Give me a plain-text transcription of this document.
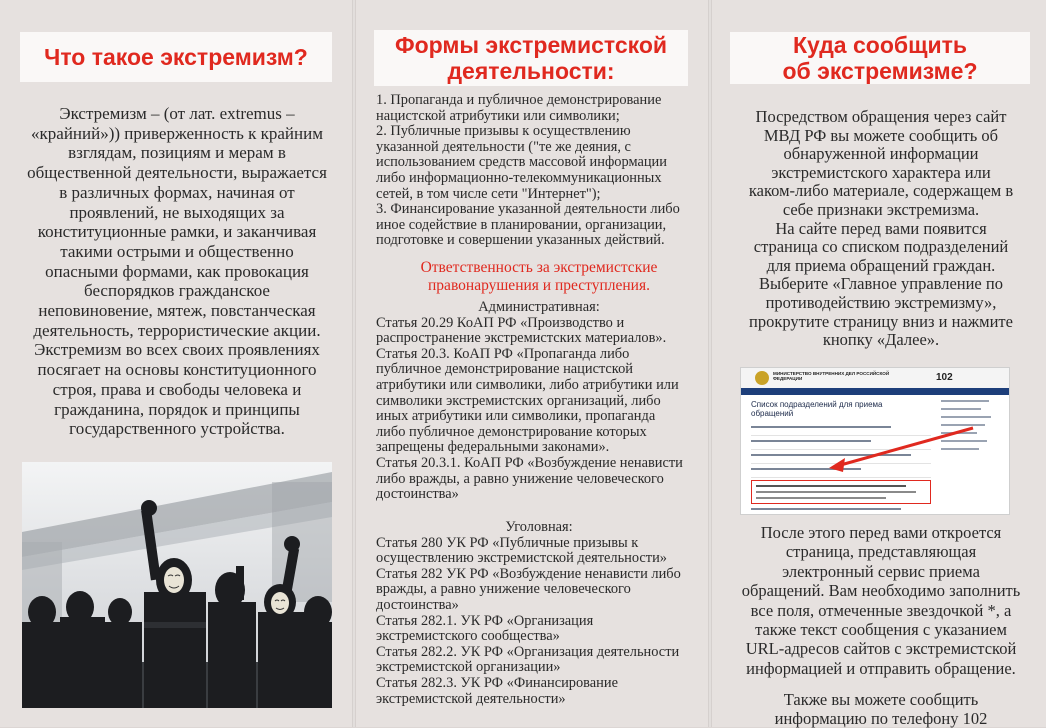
Что такое экстремизм?
Экстремизм – (от лат. extremus –
«крайний»)) приверженность к крайним
взглядам, позициям и мерам в
общественной деятельности, выражается
в различных формах, начиная от
проявлений, не выходящих за
конституционные рамки, и заканчивая
такими острыми и общественно
опасными формами, как провокация
беспорядков гражданское
неповиновение, мятеж, повстанческая
деятельность, террористические акции.
Экстремизм во всех своих проявлениях
посягает на основы конституционного
строя, права и свободы человека и
гражданина, порядок и принципы
государственного устройства.
Формы экстремистской
деятельности:
1. Пропаганда и публичное демонстрирование
нацистской атрибутики или символики;
2. Публичные призывы к осуществлению
указанной деятельности ("те же деяния, с
использованием средств массовой информации
либо информационно-телекоммуникационных
сетей, в том числе сети "Интернет");
3. Финансирование указанной деятельности либо
иное содействие в планировании, организации,
подготовке и совершении указанных действий.
Ответственность за экстремистские
правонарушения и преступления.
Административная:
Статья 20.29 КоАП РФ «Производство и
распространение экстремистских материалов».
Статья 20.3. КоАП РФ «Пропаганда либо
публичное демонстрирование нацистской
атрибутики или символики, либо атрибутики или
символики экстремистских организаций, либо
иных атрибутики или символики, пропаганда
либо публичное демонстрирование которых
запрещены федеральными законами».
Статья 20.3.1. КоАП РФ «Возбуждение ненависти
либо вражды, а равно унижение человеческого
достоинства»
Уголовная:
Статья 280 УК РФ «Публичные призывы к
осуществлению экстремистской деятельности»
Статья 282 УК РФ «Возбуждение ненависти либо
вражды, а равно унижение человеческого
достоинства»
Статья 282.1. УК РФ «Организация
экстремистского сообщества»
Статья 282.2. УК РФ «Организация деятельности
экстремистской организации»
Статья 282.3. УК РФ «Финансирование
экстремистской деятельности»
Куда сообщить
об экстремизме?
Посредством обращения через сайт
МВД РФ вы можете сообщить об
обнаруженной информации
экстремистского характера или
каком-либо материале, содержащем в
себе признаки экстремизма.
На сайте перед вами появится
страница со списком подразделений
для приема обращений граждан.
Выберите «Главное управление по
противодействию экстремизму»,
прокрутите страницу вниз и нажмите
кнопку «Далее».
МИНИСТЕРСТВО ВНУТРЕННИХ ДЕЛ РОССИЙСКОЙ ФЕДЕРАЦИИ	102
Список подразделений для приема
обращений
После этого перед вами откроется
страница, представляющая
электронный сервис приема
обращений. Вам необходимо заполнить
все поля, отмеченные звездочкой *, а
также текст сообщения с указанием
URL-адресов сайтов с экстремистской
информацией и отправить обращение.
Также вы можете сообщить
информацию по телефону 102
